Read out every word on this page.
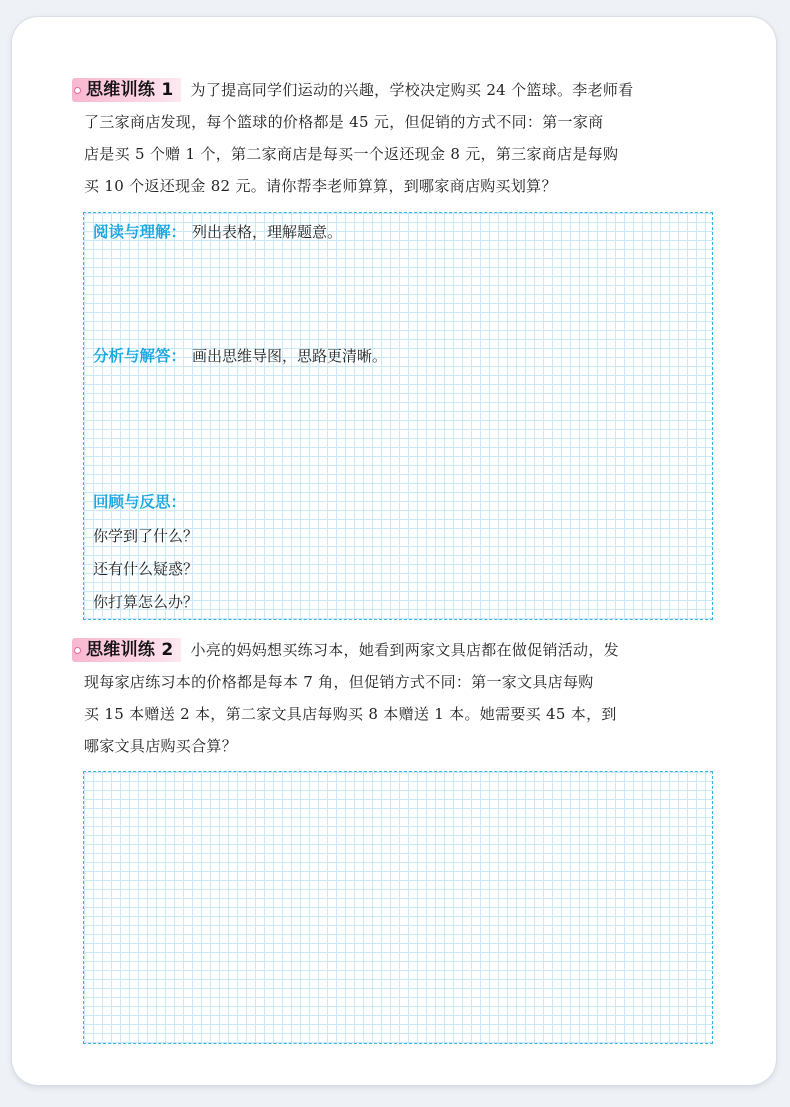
思维训练 1 为了提高同学们运动的兴趣，学校决定购买 24 个篮球。李老师看

了三家商店发现，每个篮球的价格都是 45 元，但促销的方式不同：第一家商

店是买 5 个赠 1 个，第二家商店是每买一个返还现金 8 元，第三家商店是每购

买 10 个返还现金 82 元。请你帮李老师算算，到哪家商店购买划算？

阅读与理解： 列出表格，理解题意。

分析与解答： 画出思维导图，思路更清晰。

回顾与反思：

你学到了什么？

还有什么疑惑？

你打算怎么办？

思维训练 2 小亮的妈妈想买练习本，她看到两家文具店都在做促销活动，发

现每家店练习本的价格都是每本 7 角，但促销方式不同：第一家文具店每购

买 15 本赠送 2 本，第二家文具店每购买 8 本赠送 1 本。她需要买 45 本，到

哪家文具店购买合算？
